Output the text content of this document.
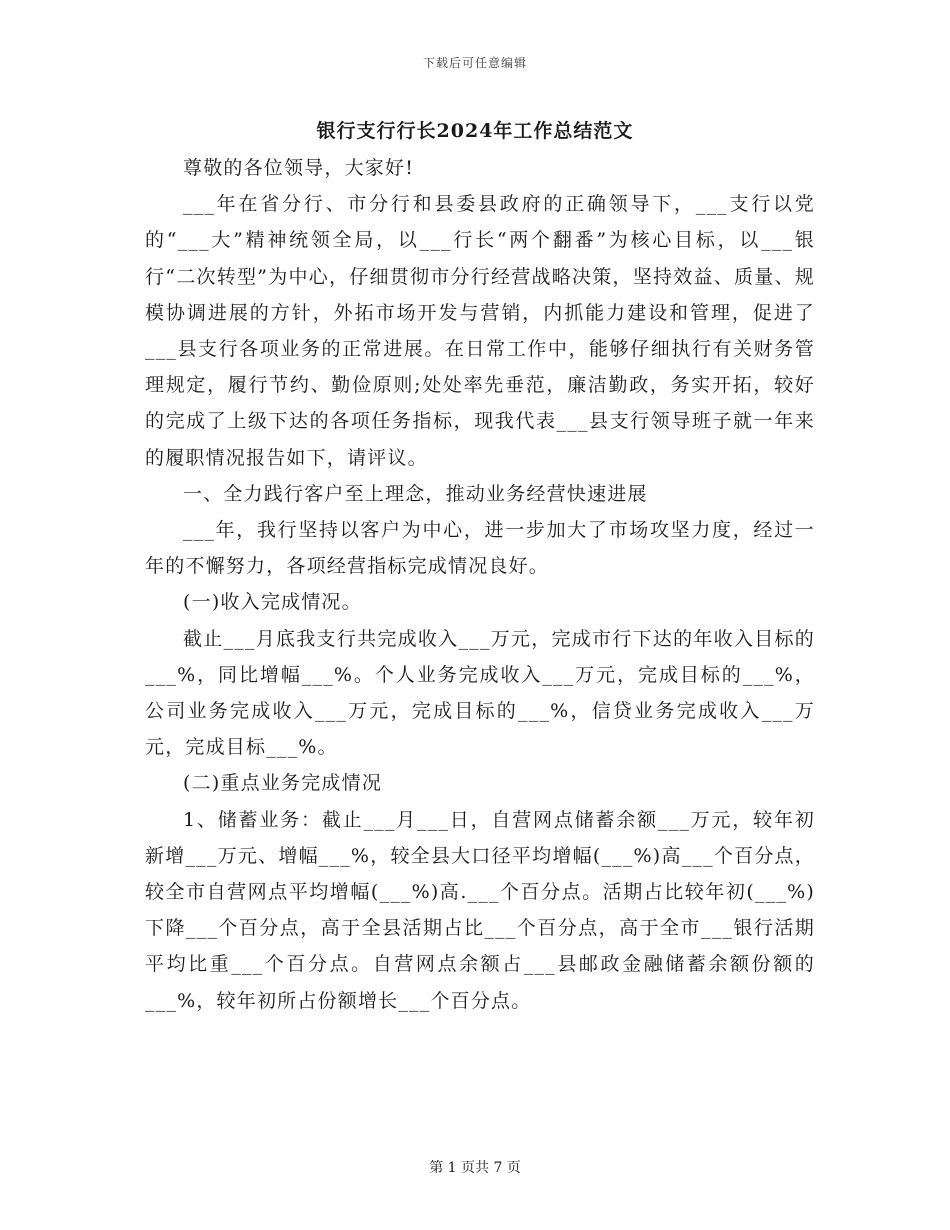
下载后可任意编辑
银行支行行长2024年工作总结范文

尊敬的各位领导，大家好!

___年在省分行、市分行和县委县政府的正确领导下，___支行以党的“___大”精神统领全局，以___行长“两个翻番”为核心目标，以___银行“二次转型”为中心，仔细贯彻市分行经营战略决策，坚持效益、质量、规模协调进展的方针，外拓市场开发与营销，内抓能力建设和管理，促进了___县支行各项业务的正常进展。在日常工作中，能够仔细执行有关财务管理规定，履行节约、勤俭原则;处处率先垂范，廉洁勤政，务实开拓，较好的完成了上级下达的各项任务指标，现我代表___县支行领导班子就一年来的履职情况报告如下，请评议。

一、全力践行客户至上理念，推动业务经营快速进展

___年，我行坚持以客户为中心，进一步加大了市场攻坚力度，经过一年的不懈努力，各项经营指标完成情况良好。

(一)收入完成情况。

截止___月底我支行共完成收入___万元，完成市行下达的年收入目标的___%，同比增幅___%。个人业务完成收入___万元，完成目标的___%，公司业务完成收入___万元，完成目标的___%，信贷业务完成收入___万元，完成目标___%。

(二)重点业务完成情况

1、储蓄业务：截止___月___日，自营网点储蓄余额___万元，较年初新增___万元、增幅___%，较全县大口径平均增幅(___%)高___个百分点，较全市自营网点平均增幅(___%)高.___个百分点。活期占比较年初(___%)下降___个百分点，高于全县活期占比___个百分点，高于全市___银行活期平均比重___个百分点。自营网点余额占___县邮政金融储蓄余额份额的___%，较年初所占份额增长___个百分点。

第 1 页共 7 页
